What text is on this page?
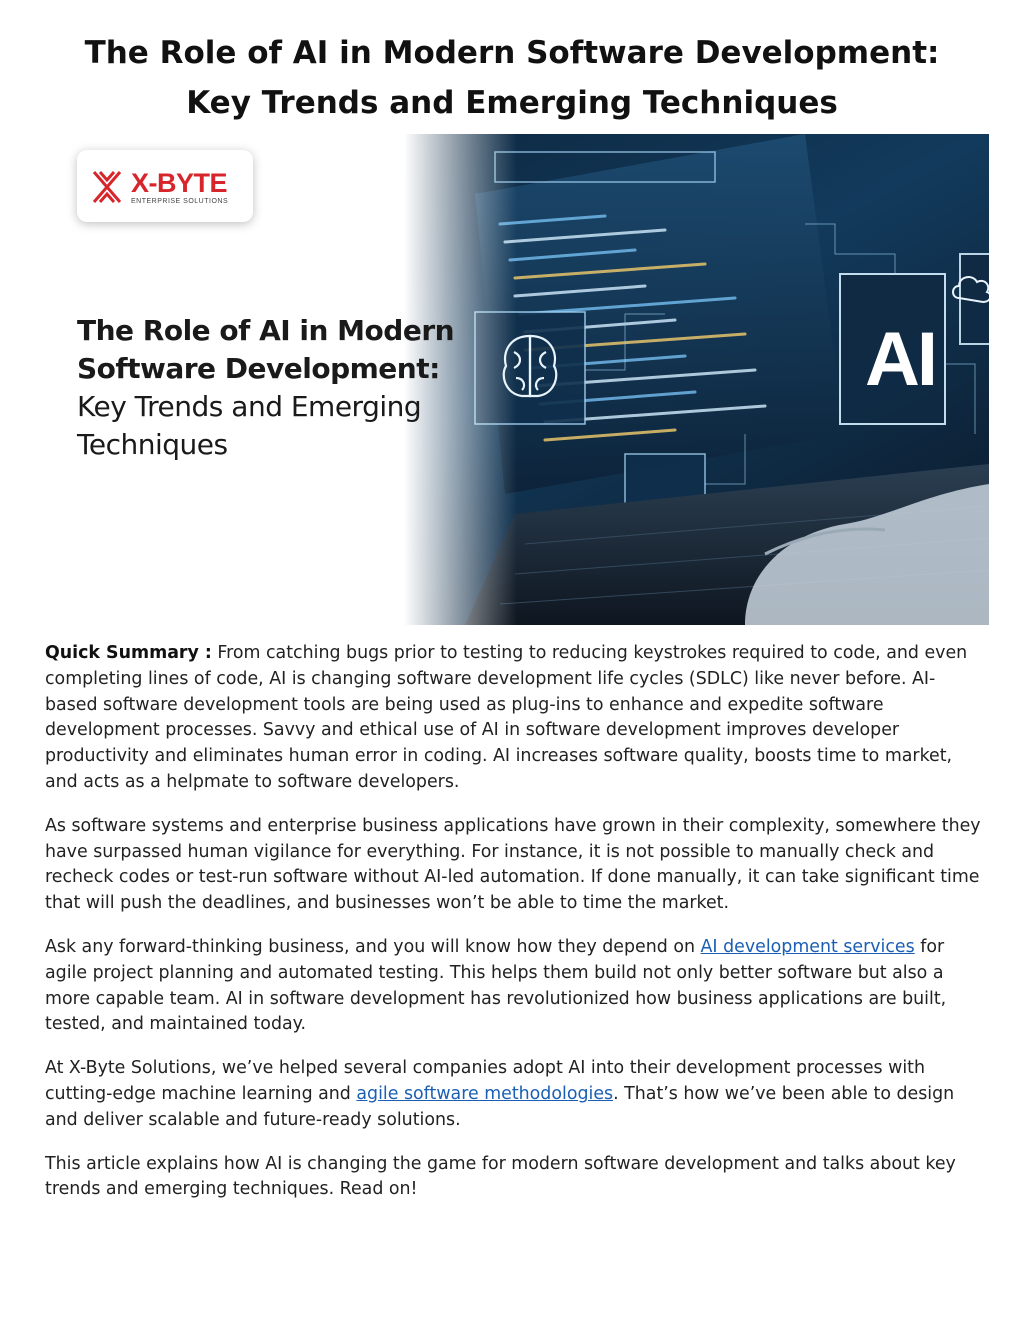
The Role of AI in Modern Software Development:
Key Trends and Emerging Techniques
AI
X-BYTE
ENTERPRISE SOLUTIONS
The Role of AI in Modern
Software Development:
Key Trends and Emerging
Techniques

Quick Summary : From catching bugs prior to testing to reducing keystrokes required to code, and even completing lines of code, AI is changing software development life cycles (SDLC) like never before. AI-based software development tools are being used as plug-ins to enhance and expedite software development processes. Savvy and ethical use of AI in software development improves developer productivity and eliminates human error in coding. AI increases software quality, boosts time to market, and acts as a helpmate to software developers.

As software systems and enterprise business applications have grown in their complexity, somewhere they have surpassed human vigilance for everything. For instance, it is not possible to manually check and recheck codes or test-run software without AI-led automation. If done manually, it can take significant time that will push the deadlines, and businesses won’t be able to time the market.

Ask any forward-thinking business, and you will know how they depend on AI development services for agile project planning and automated testing. This helps them build not only better software but also a more capable team. AI in software development has revolutionized how business applications are built, tested, and maintained today.

At X-Byte Solutions, we’ve helped several companies adopt AI into their development processes with cutting-edge machine learning and agile software methodologies. That’s how we’ve been able to design and deliver scalable and future-ready solutions.

This article explains how AI is changing the game for modern software development and talks about key trends and emerging techniques. Read on!
